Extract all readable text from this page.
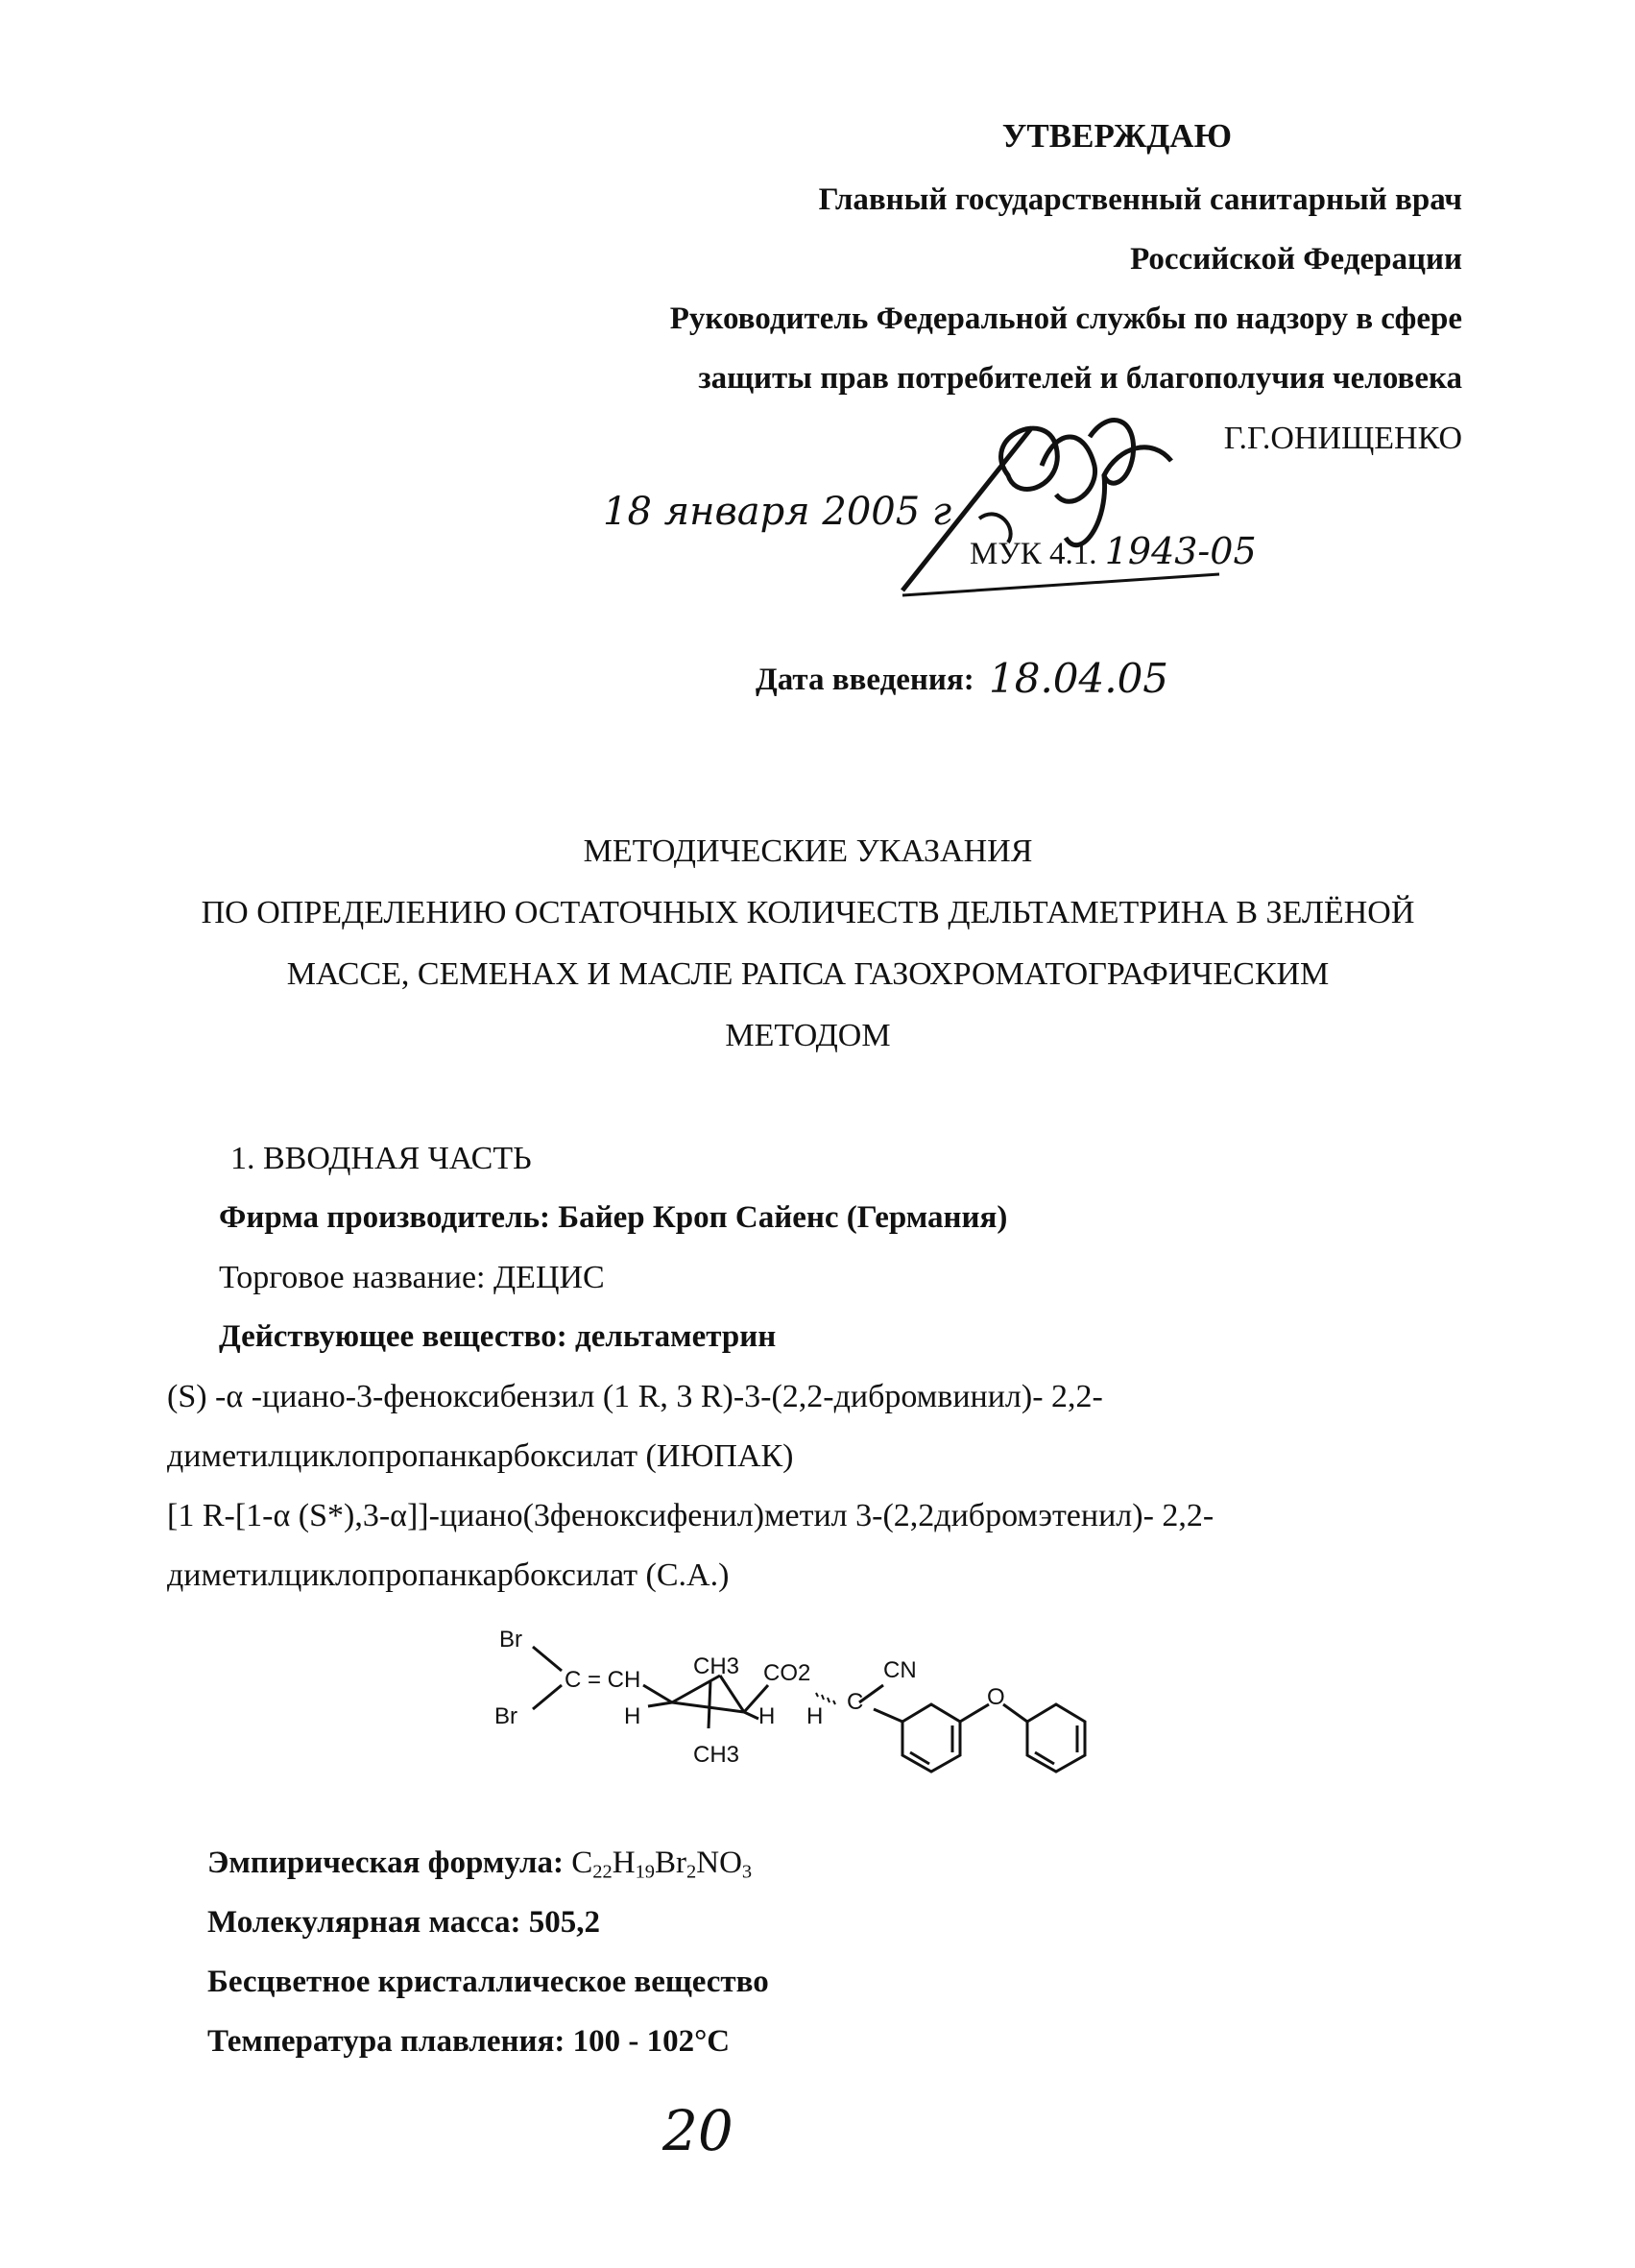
УТВЕРЖДАЮ
Главный государственный санитарный врач
Российской Федерации
Руководитель Федеральной службы по надзору в сфере
защиты прав потребителей и благополучия человека
Г.Г.ОНИЩЕНКО
18 января 2005 г
МУК 4.1. 1943-05
Дата введения: 18.04.05
МЕТОДИЧЕСКИЕ УКАЗАНИЯ
ПО ОПРЕДЕЛЕНИЮ ОСТАТОЧНЫХ КОЛИЧЕСТВ ДЕЛЬТАМЕТРИНА В ЗЕЛЁНОЙ
МАССЕ, СЕМЕНАХ И МАСЛЕ РАПСА ГАЗОХРОМАТОГРАФИЧЕСКИМ
МЕТОДОМ
1. ВВОДНАЯ ЧАСТЬ
Фирма производитель: Байер Кроп Сайенс (Германия)
Торговое название: ДЕЦИС
Действующее вещество: дельтаметрин
(S) -α -циано-3-феноксибензил (1 R, 3 R)-3-(2,2-дибромвинил)- 2,2-
диметилциклопропанкарбоксилат (ИЮПАК)
[1 R-[1-α (S*),3-α]]-циано(3феноксифенил)метил 3-(2,2дибромэтенил)- 2,2-
диметилциклопропанкарбоксилат (С.А.)
Br
Br
C = CH
CH3 CO2	CN
H	H H
C	O
CH3
Эмпирическая формула: $C_{22}H_{19}Br_2NO_3$
Молекулярная масса: 505,2
Бесцветное кристаллическое вещество
Температура плавления: 100 - 102°С
20
